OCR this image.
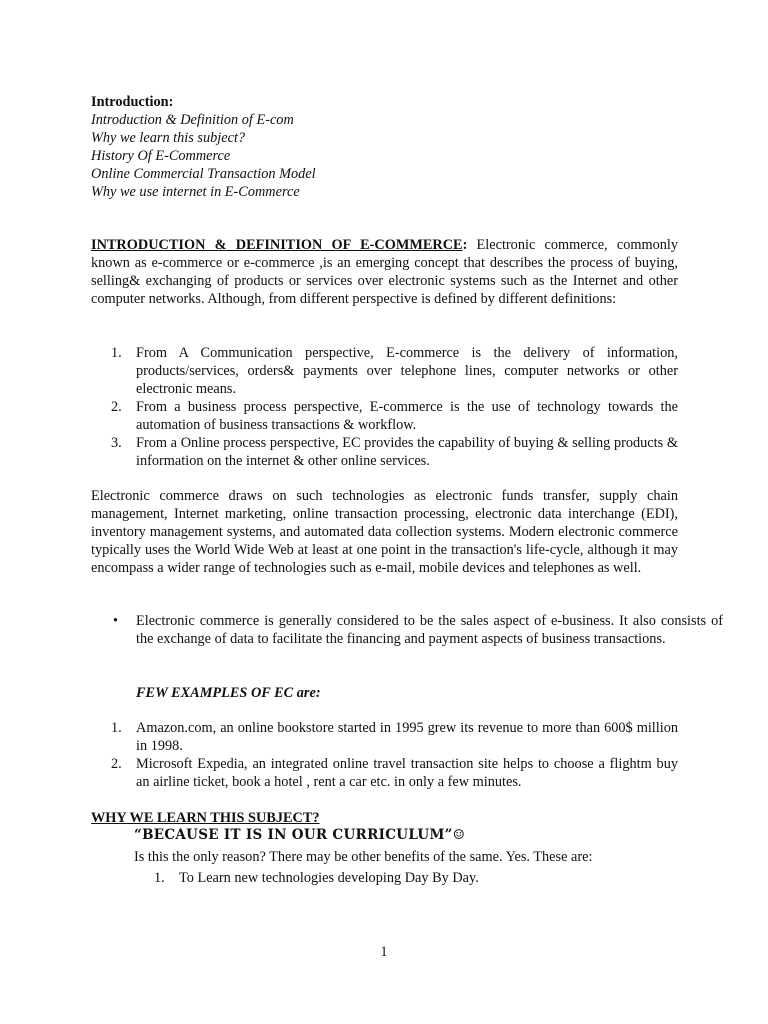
Introduction:
Introduction & Definition of E-com
Why we learn this subject?
History Of E-Commerce
Online Commercial Transaction Model
Why we use internet in E-Commerce
INTRODUCTION & DEFINITION OF E-COMMERCE: Electronic commerce, commonly known as e-commerce or e-commerce ,is an emerging concept that describes the process of buying, selling& exchanging of products or services over electronic systems such as the Internet and other computer networks. Although, from different perspective is defined by different definitions:
1. From A Communication perspective, E-commerce is the delivery of information, products/services, orders& payments over telephone lines, computer networks or other electronic means.
2. From a business process perspective, E-commerce is the use of technology towards the automation of business transactions & workflow.
3. From a Online process perspective, EC provides the capability of buying & selling products & information on the internet & other online services.
Electronic commerce draws on such technologies as electronic funds transfer, supply chain management, Internet marketing, online transaction processing, electronic data interchange (EDI), inventory management systems, and automated data collection systems. Modern electronic commerce typically uses the World Wide Web at least at one point in the transaction's life-cycle, although it may encompass a wider range of technologies such as e-mail, mobile devices and telephones as well.
• Electronic commerce is generally considered to be the sales aspect of e-business. It also consists of the exchange of data to facilitate the financing and payment aspects of business transactions.
FEW EXAMPLES OF EC are:
1. Amazon.com, an online bookstore started in 1995 grew its revenue to more than 600$ million in 1998.
2. Microsoft Expedia, an integrated online travel transaction site helps to choose a flightm buy an airline ticket, book a hotel , rent a car etc. in only a few minutes.
WHY WE LEARN THIS SUBJECT?
“BECAUSE IT IS IN OUR CURRICULUM”☺
Is this the only reason? There may be other benefits of the same. Yes. These are:
1. To Learn new technologies developing Day By Day.
1
